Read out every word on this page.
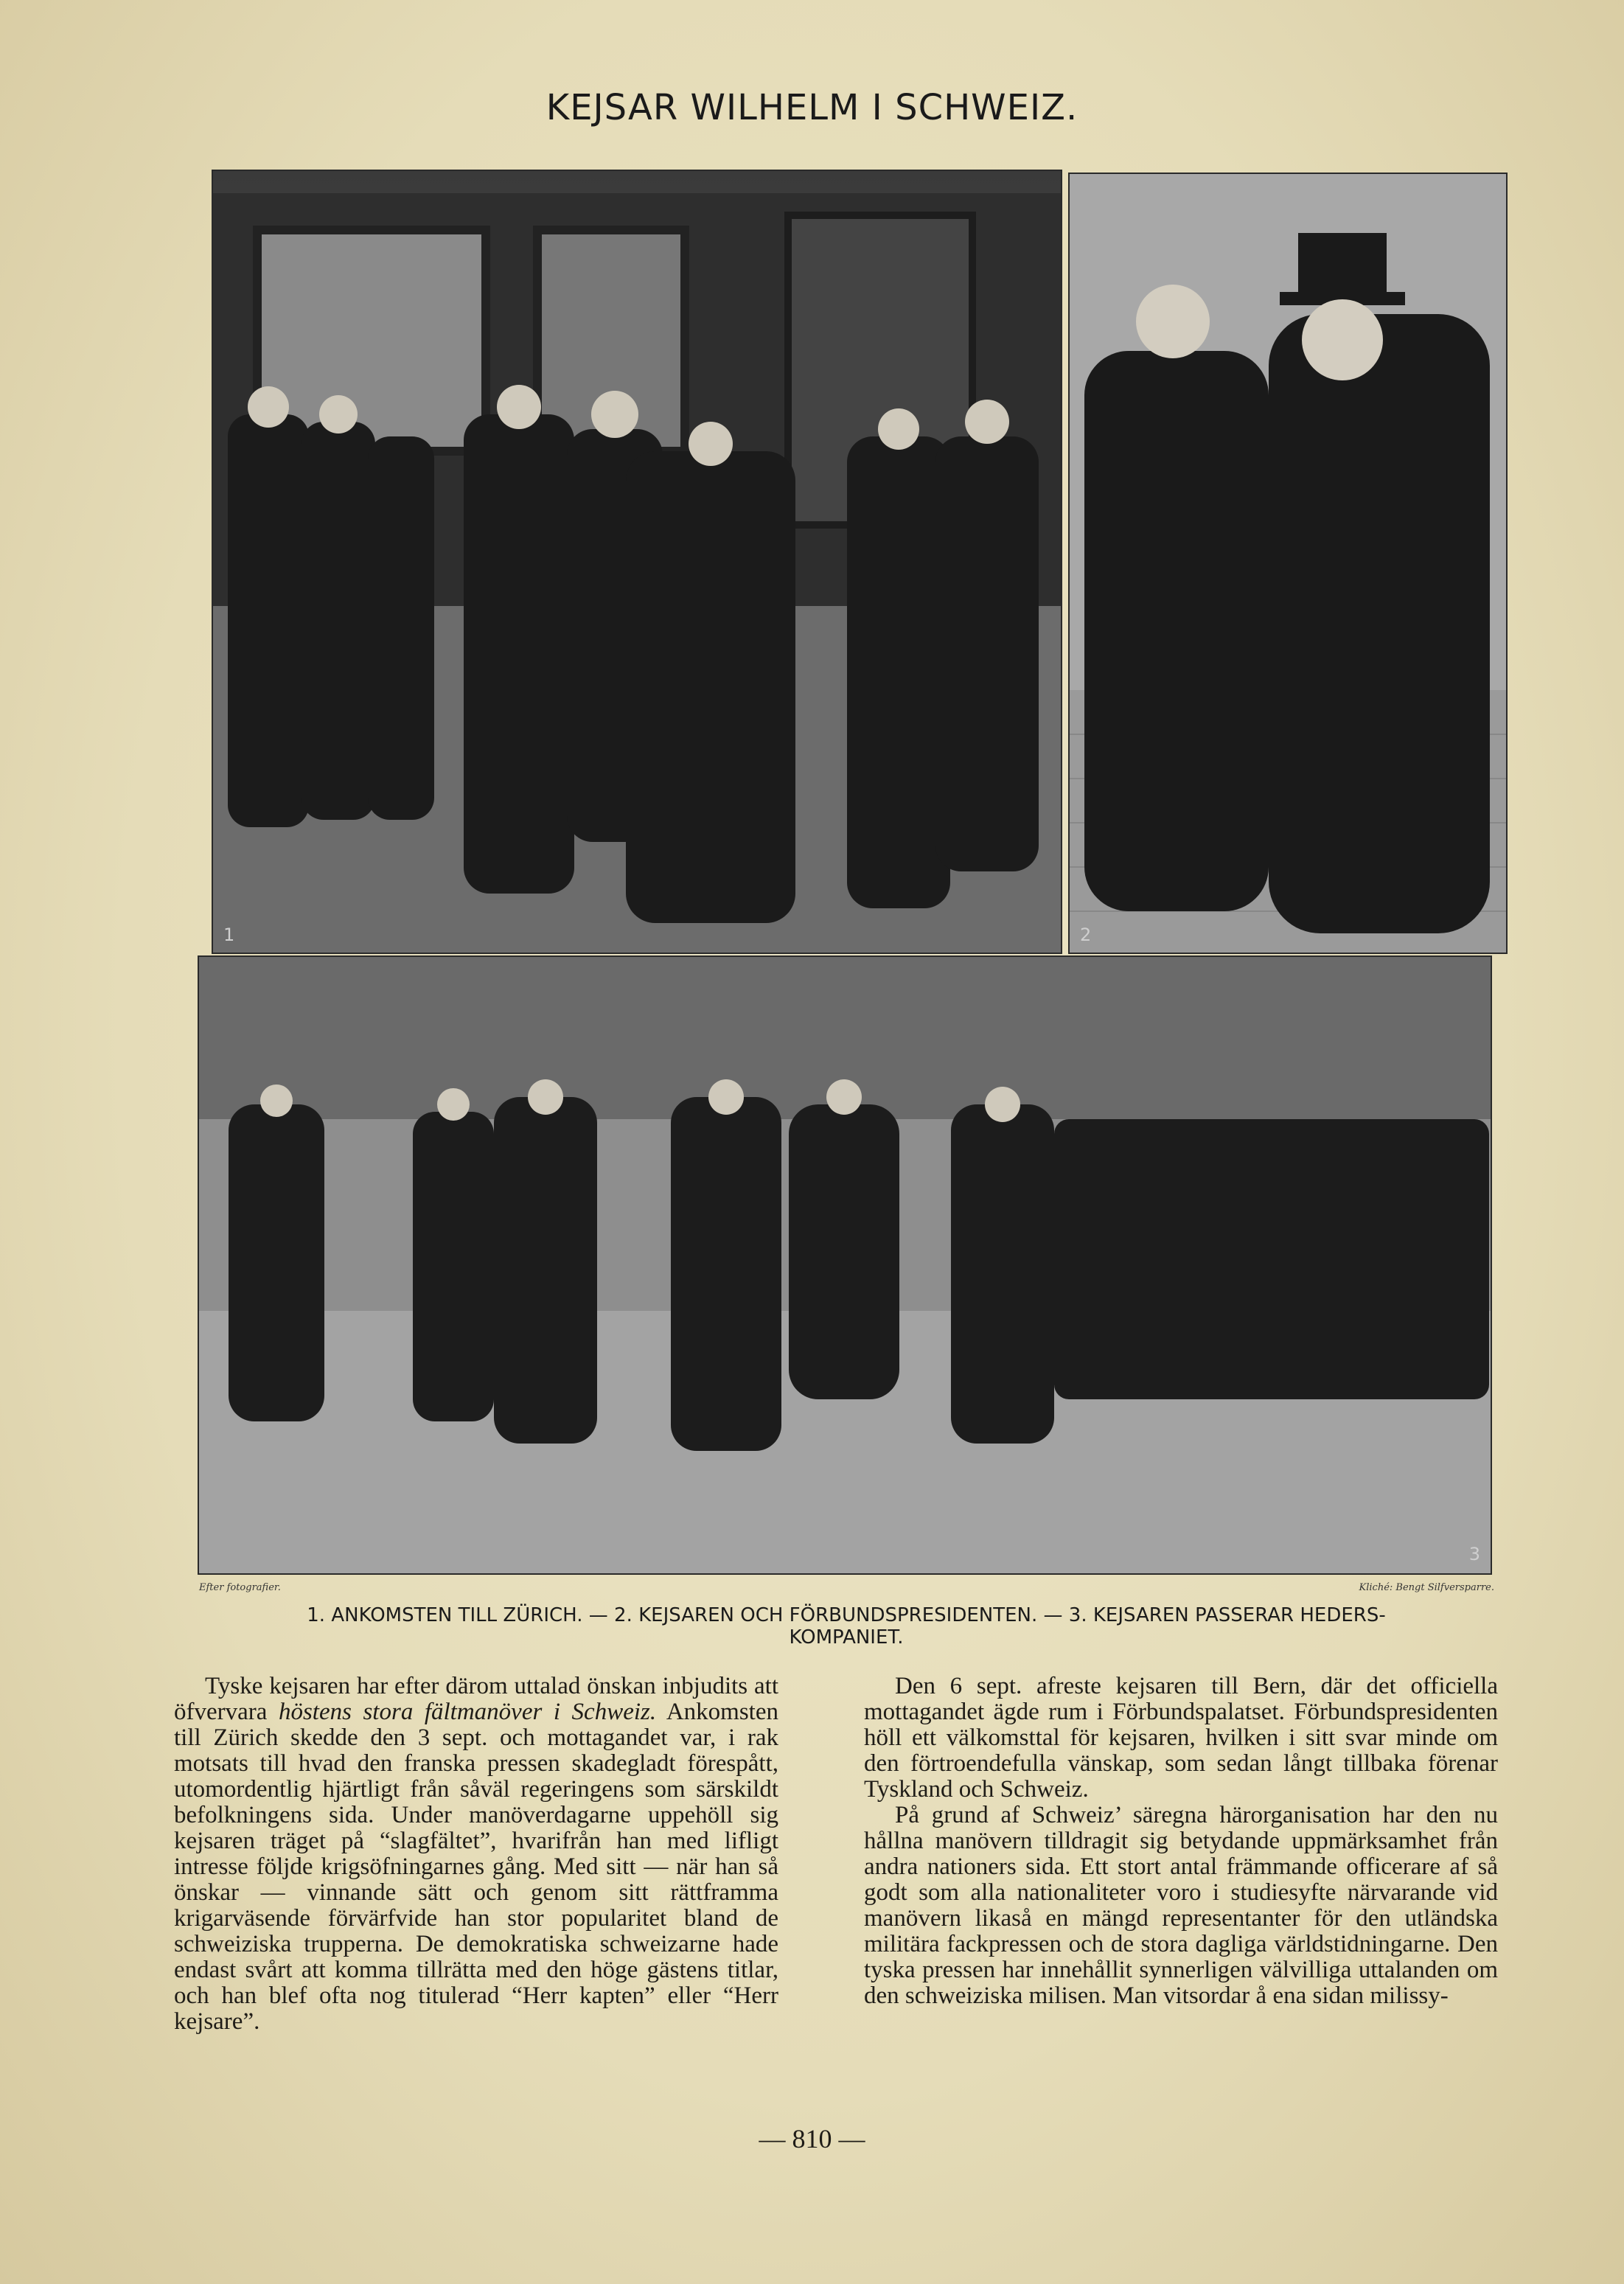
KEJSAR WILHELM I SCHWEIZ.
1	2
3
Efter fotografier.	Kliché: Bengt Silfversparre.
1. ANKOMSTEN TILL ZÜRICH. — 2. KEJSAREN OCH FÖRBUNDSPRESIDENTEN. — 3. KEJSAREN PASSERAR HEDERS-
KOMPANIET.

Tyske kejsaren har efter därom uttalad önskan inbjudits att öfvervara höstens stora fältmanöver i Schweiz. Ankomsten till Zürich skedde den 3 sept. och mottagandet var, i rak motsats till hvad den franska pressen skadegladt förespått, utomordentlig hjärtligt från såväl regeringens som särskildt befolkningens sida. Under manöverdagarne uppehöll sig kejsaren träget på “slagfältet”, hvarifrån han med lifligt intresse följde krigsöfningarnes gång. Med sitt — när han så önskar — vinnande sätt och genom sitt rättframma krigarväsende förvärfvide han stor popularitet bland de schweiziska trupperna. De demokratiska schweizarne hade endast svårt att komma tillrätta med den höge gästens titlar, och han blef ofta nog titulerad “Herr kapten” eller “Herr kejsare”.

Den 6 sept. afreste kejsaren till Bern, där det officiella mottagandet ägde rum i Förbundspalatset. Förbundspresidenten höll ett välkomsttal för kejsaren, hvilken i sitt svar minde om den förtroendefulla vänskap, som sedan långt tillbaka förenar Tyskland och Schweiz.

På grund af Schweiz’ säregna härorganisation har den nu hållna manövern tilldragit sig betydande uppmärksamhet från andra nationers sida. Ett stort antal främmande officerare af så godt som alla nationaliteter voro i studiesyfte närvarande vid manövern likaså en mängd representanter för den utländska militära fackpressen och de stora dagliga världstidningarne. Den tyska pressen har innehållit synnerligen välvilliga uttalanden om den schweiziska milisen. Man vitsordar å ena sidan milissy-

— 810 —
